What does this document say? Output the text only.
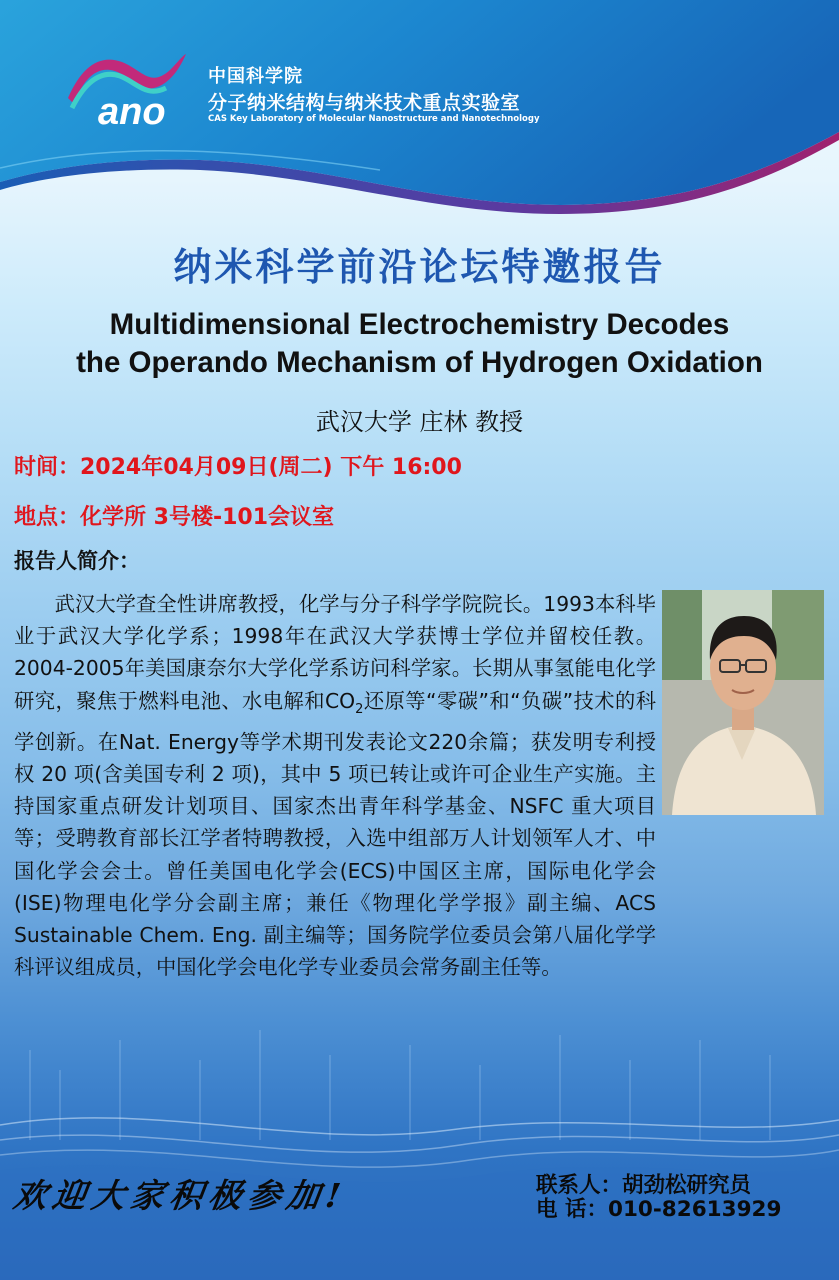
ano
中国科学院
分子纳米结构与纳米技术重点实验室
CAS Key Laboratory of Molecular Nanostructure and Nanotechnology
纳米科学前沿论坛特邀报告
Multidimensional Electrochemistry Decodes
the Operando Mechanism of Hydrogen Oxidation
武汉大学 庄林 教授
时间：2024年04月09日(周二) 下午 16:00
地点：化学所 3号楼-101会议室
报告人简介：

武汉大学查全性讲席教授，化学与分子科学学院院长。1993本科毕业于武汉大学化学系；1998年在武汉大学获博士学位并留校任教。2004-2005年美国康奈尔大学化学系访问科学家。长期从事氢能电化学研究，聚焦于燃料电池、水电解和$CO_2$还原等“零碳”和“负碳”技术的科学创新。在Nat. Energy等学术期刊发表论文220余篇；获发明专利授权 20 项(含美国专利 2 项)，其中 5 项已转让或许可企业生产实施。主持国家重点研发计划项目、国家杰出青年科学基金、NSFC 重大项目等；受聘教育部长江学者特聘教授，入选中组部万人计划领军人才、中国化学会会士。曾任美国电化学会(ECS)中国区主席，国际电化学会(ISE)物理电化学分会副主席；兼任《物理化学学报》副主编、ACS Sustainable Chem. Eng. 副主编等；国务院学位委员会第八届化学学科评议组成员，中国化学会电化学专业委员会常务副主任等。

欢迎大家积极参加!	联系人：胡劲松研究员
电 话：010-82613929
